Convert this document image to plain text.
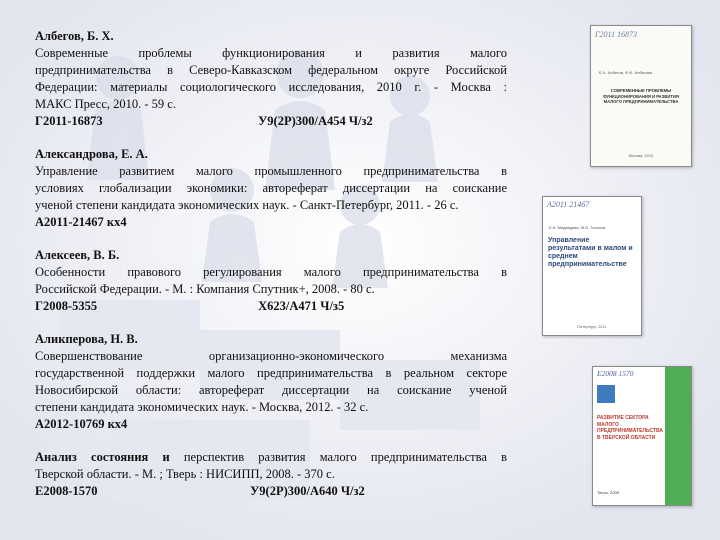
Албегов, Б. Х.
Современные проблемы функционирования и развития малого
предпринимательства в Северо-Кавказском федеральном округе Российской
Федерации: материалы социологического исследования, 2010 г. - Москва :
МАКС Пресс, 2010. - 59 с.
Г2011-16873	У9(2Р)300/А454 Ч/з2
Александрова, Е. А.
Управление развитием малого промышленного предпринимательства в
условиях глобализации экономики: автореферат диссертации на соискание
ученой степени кандидата экономических наук. - Санкт-Петербург, 2011. - 26 с.
А2011-21467 кх4
Алексеев, В. Б.
Особенности правового регулирования малого предпринимательства в
Российской Федерации. - М. : Компания Спутник+, 2008. - 80 с.
Г2008-5355	Х623/А471 Ч/з5
Аликперова, Н. В.
Совершенствование организационно-экономического механизма
государственной поддержки малого предпринимательства в реальном секторе
Новосибирской области: автореферат диссертации на соискание ученой
степени кандидата экономических наук. - Москва, 2012. - 32 с.
А2012-10769 кх4
Анализ состояния и перспектив развития малого предпринимательства в
Тверской области. - М. ; Тверь : НИСИПП, 2008. - 370 с.
Е2008-1570	У9(2Р)300/А640 Ч/з2
Г2011 16873
Б.Х. Албегов, Ф.Ф. Албегова
СОВРЕМЕННЫЕ ПРОБЛЕМЫ ФУНКЦИОНИРОВАНИЯ И РАЗВИТИЯ МАЛОГО ПРЕДПРИНИМАТЕЛЬСТВА
Москва, 2010
А2011 21467
Е.А. Медведева, М.В. Тихонов
Управление результатами в малом и среднем предпринимательстве
Петербург, 2011
Е2008 1570
РАЗВИТИЕ СЕКТОРА МАЛОГО ПРЕДПРИНИМАТЕЛЬСТВА В ТВЕРСКОЙ ОБЛАСТИ
Тверь, 2008
